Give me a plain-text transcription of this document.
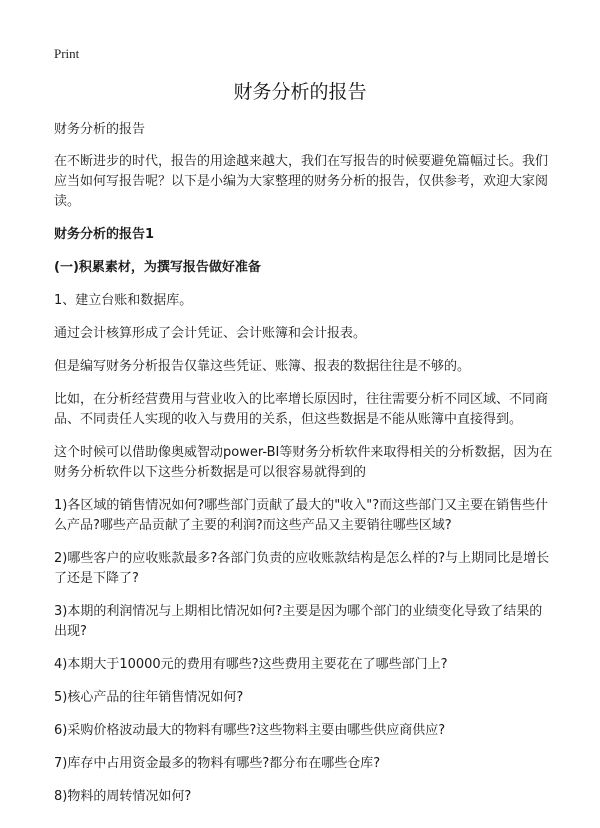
Print
财务分析的报告
财务分析的报告
在不断进步的时代，报告的用途越来越大，我们在写报告的时候要避免篇幅过长。我们应当如何写报告呢？以下是小编为大家整理的财务分析的报告，仅供参考，欢迎大家阅读。
财务分析的报告1
(一)积累素材，为撰写报告做好准备
1、建立台账和数据库。
通过会计核算形成了会计凭证、会计账簿和会计报表。
但是编写财务分析报告仅靠这些凭证、账簿、报表的数据往往是不够的。
比如，在分析经营费用与营业收入的比率增长原因时，往往需要分析不同区域、不同商品、不同责任人实现的收入与费用的关系，但这些数据是不能从账簿中直接得到。
这个时候可以借助像奥威智动power-BI等财务分析软件来取得相关的分析数据，因为在财务分析软件以下这些分析数据是可以很容易就得到的
1)各区域的销售情况如何?哪些部门贡献了最大的"收入"?而这些部门又主要在销售些什么产品?哪些产品贡献了主要的利润?而这些产品又主要销往哪些区域?
2)哪些客户的应收账款最多?各部门负责的应收账款结构是怎么样的?与上期同比是增长了还是下降了?
3)本期的利润情况与上期相比情况如何?主要是因为哪个部门的业绩变化导致了结果的出现?
4)本期大于10000元的费用有哪些?这些费用主要花在了哪些部门上?
5)核心产品的往年销售情况如何?
6)采购价格波动最大的物料有哪些?这些物料主要由哪些供应商供应?
7)库存中占用资金最多的物料有哪些?都分布在哪些仓库?
8)物料的周转情况如何?
